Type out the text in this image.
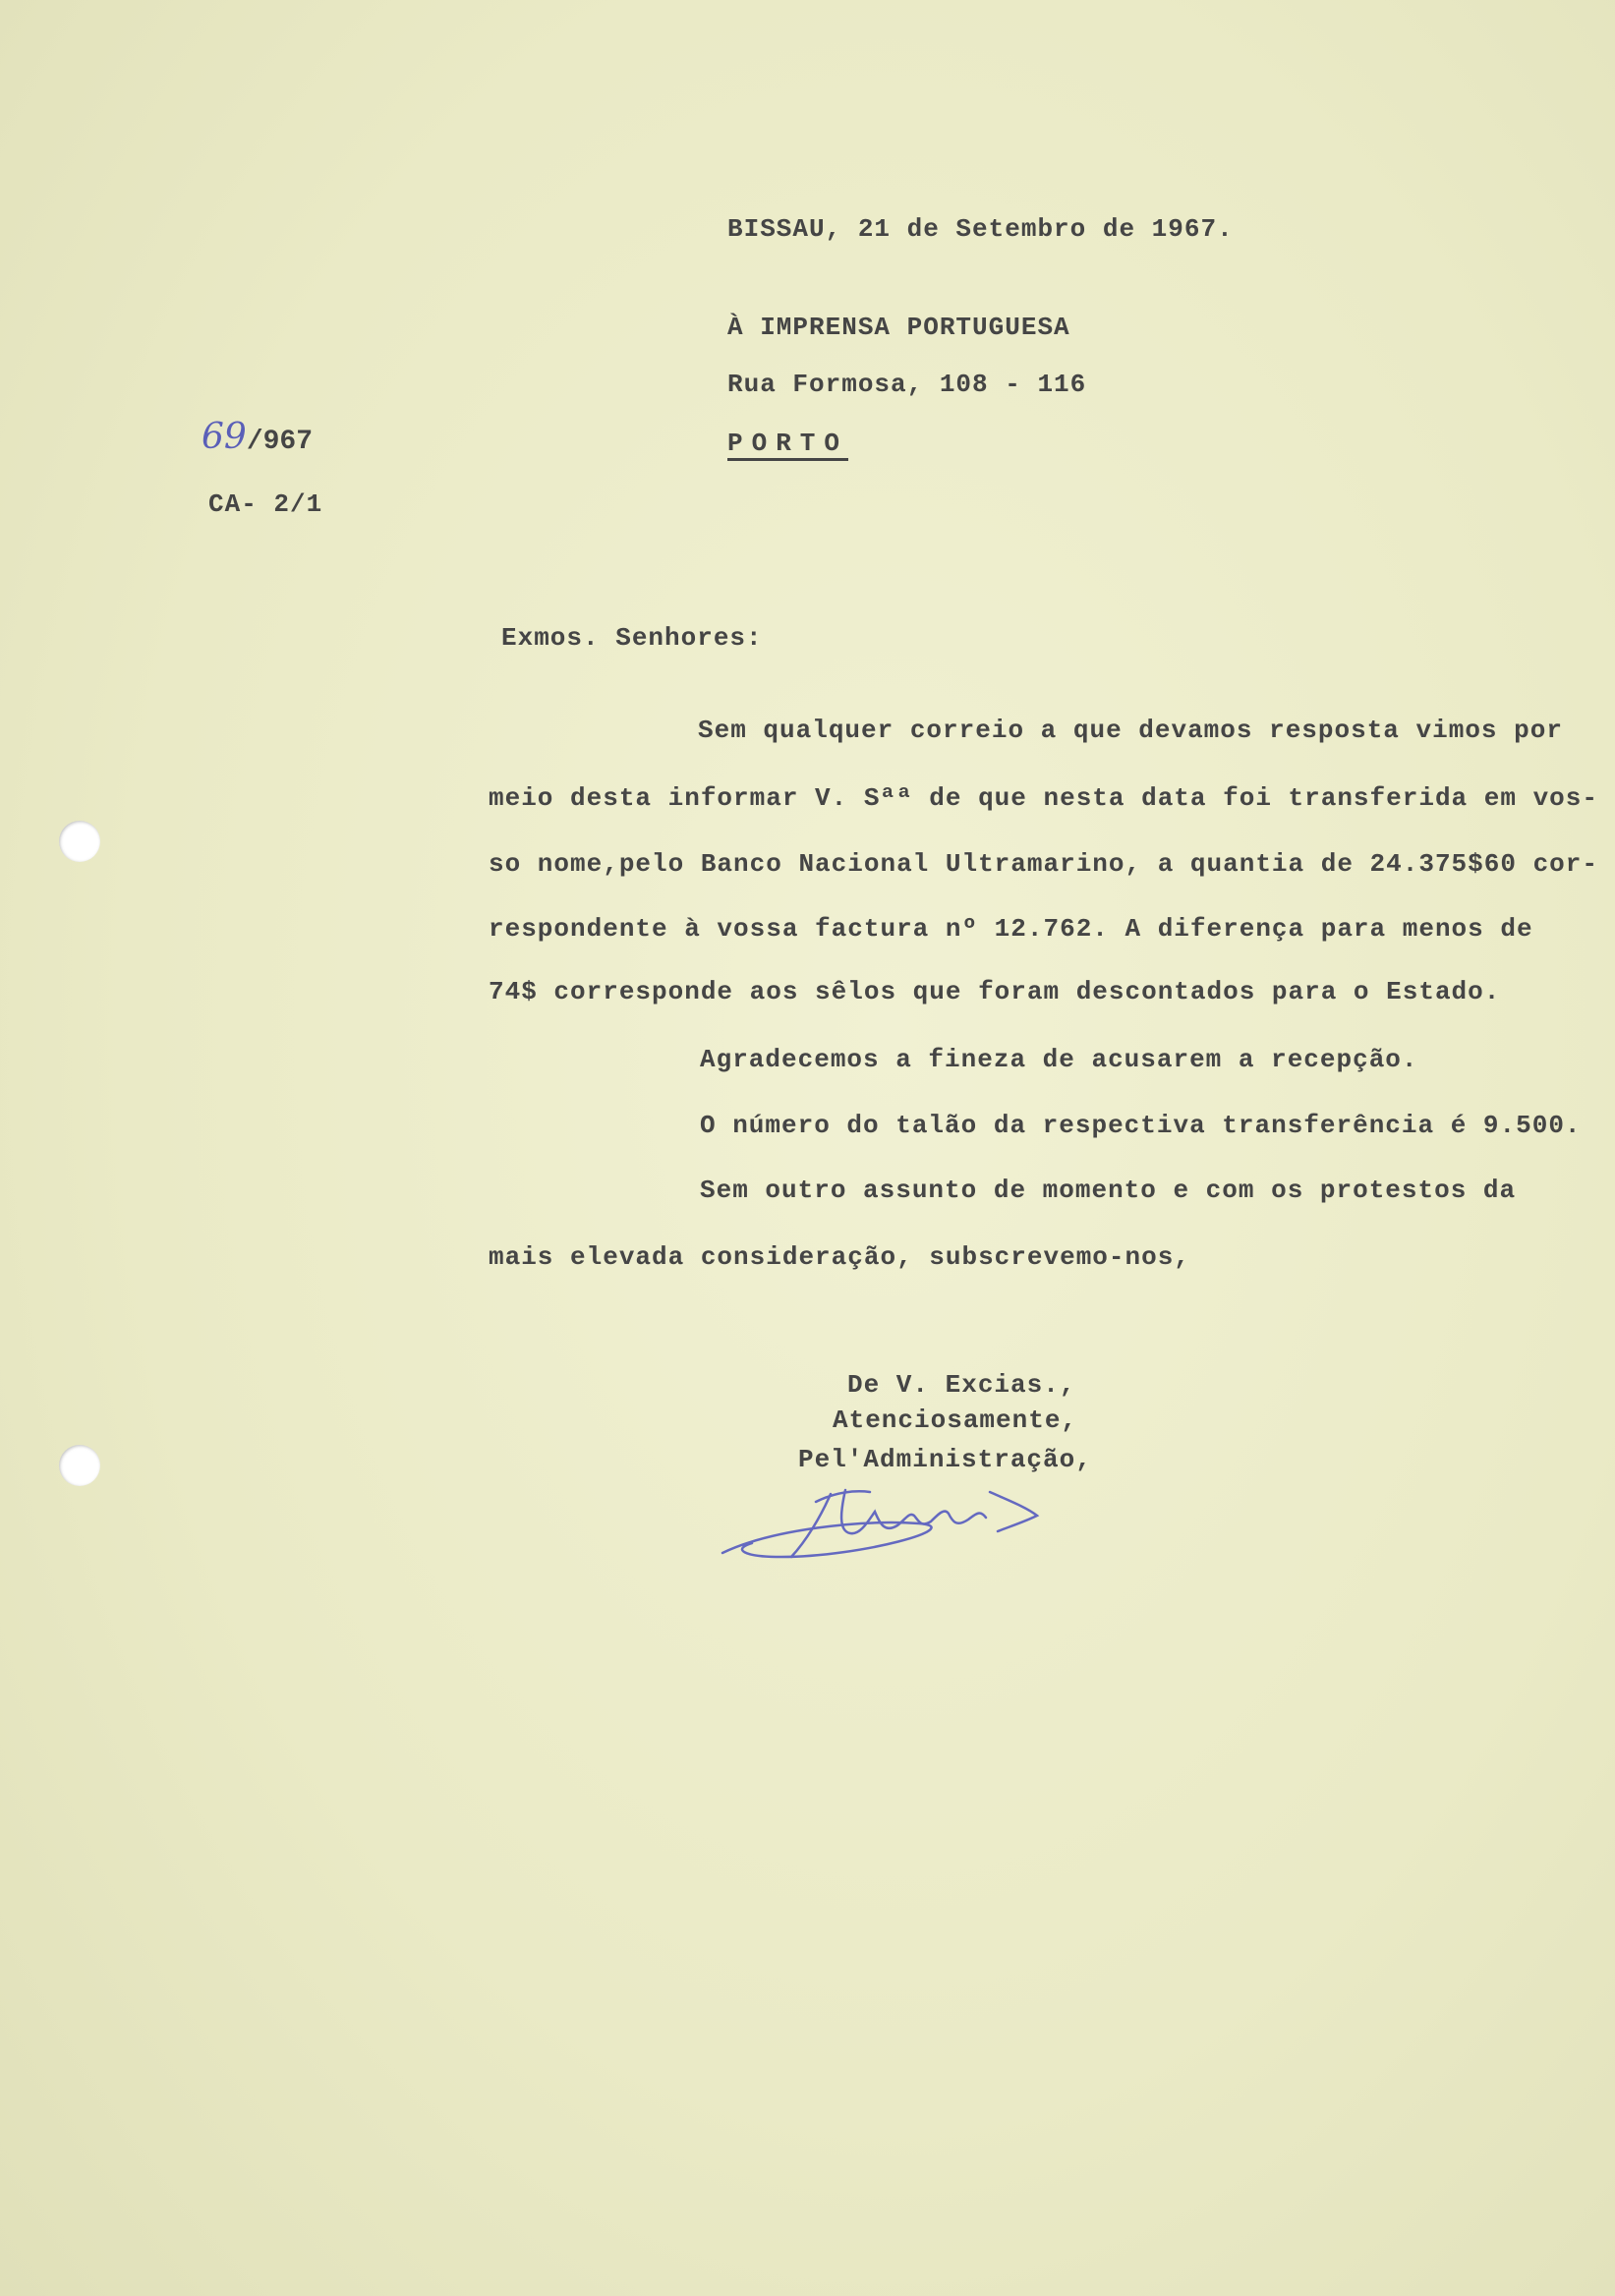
BISSAU, 21 de Setembro de 1967.
À IMPRENSA PORTUGUESA
Rua Formosa, 108 - 116
PORTO
69/967
CA- 2/1
Exmos. Senhores:
Sem qualquer correio a que devamos resposta vimos por
meio desta informar V. Sªª de que nesta data foi transferida em vos-
so nome,pelo Banco Nacional Ultramarino, a quantia de 24.375$60 cor-
respondente à vossa factura nº 12.762. A diferença para menos de
74$ corresponde aos sêlos que foram descontados para o Estado.
Agradecemos a fineza de acusarem a recepção.
O número do talão da respectiva transferência é 9.500.
Sem outro assunto de momento e com os protestos da
mais elevada consideração, subscrevemo-nos,
De V. Excias.,
Atenciosamente,
Pel'Administração,
